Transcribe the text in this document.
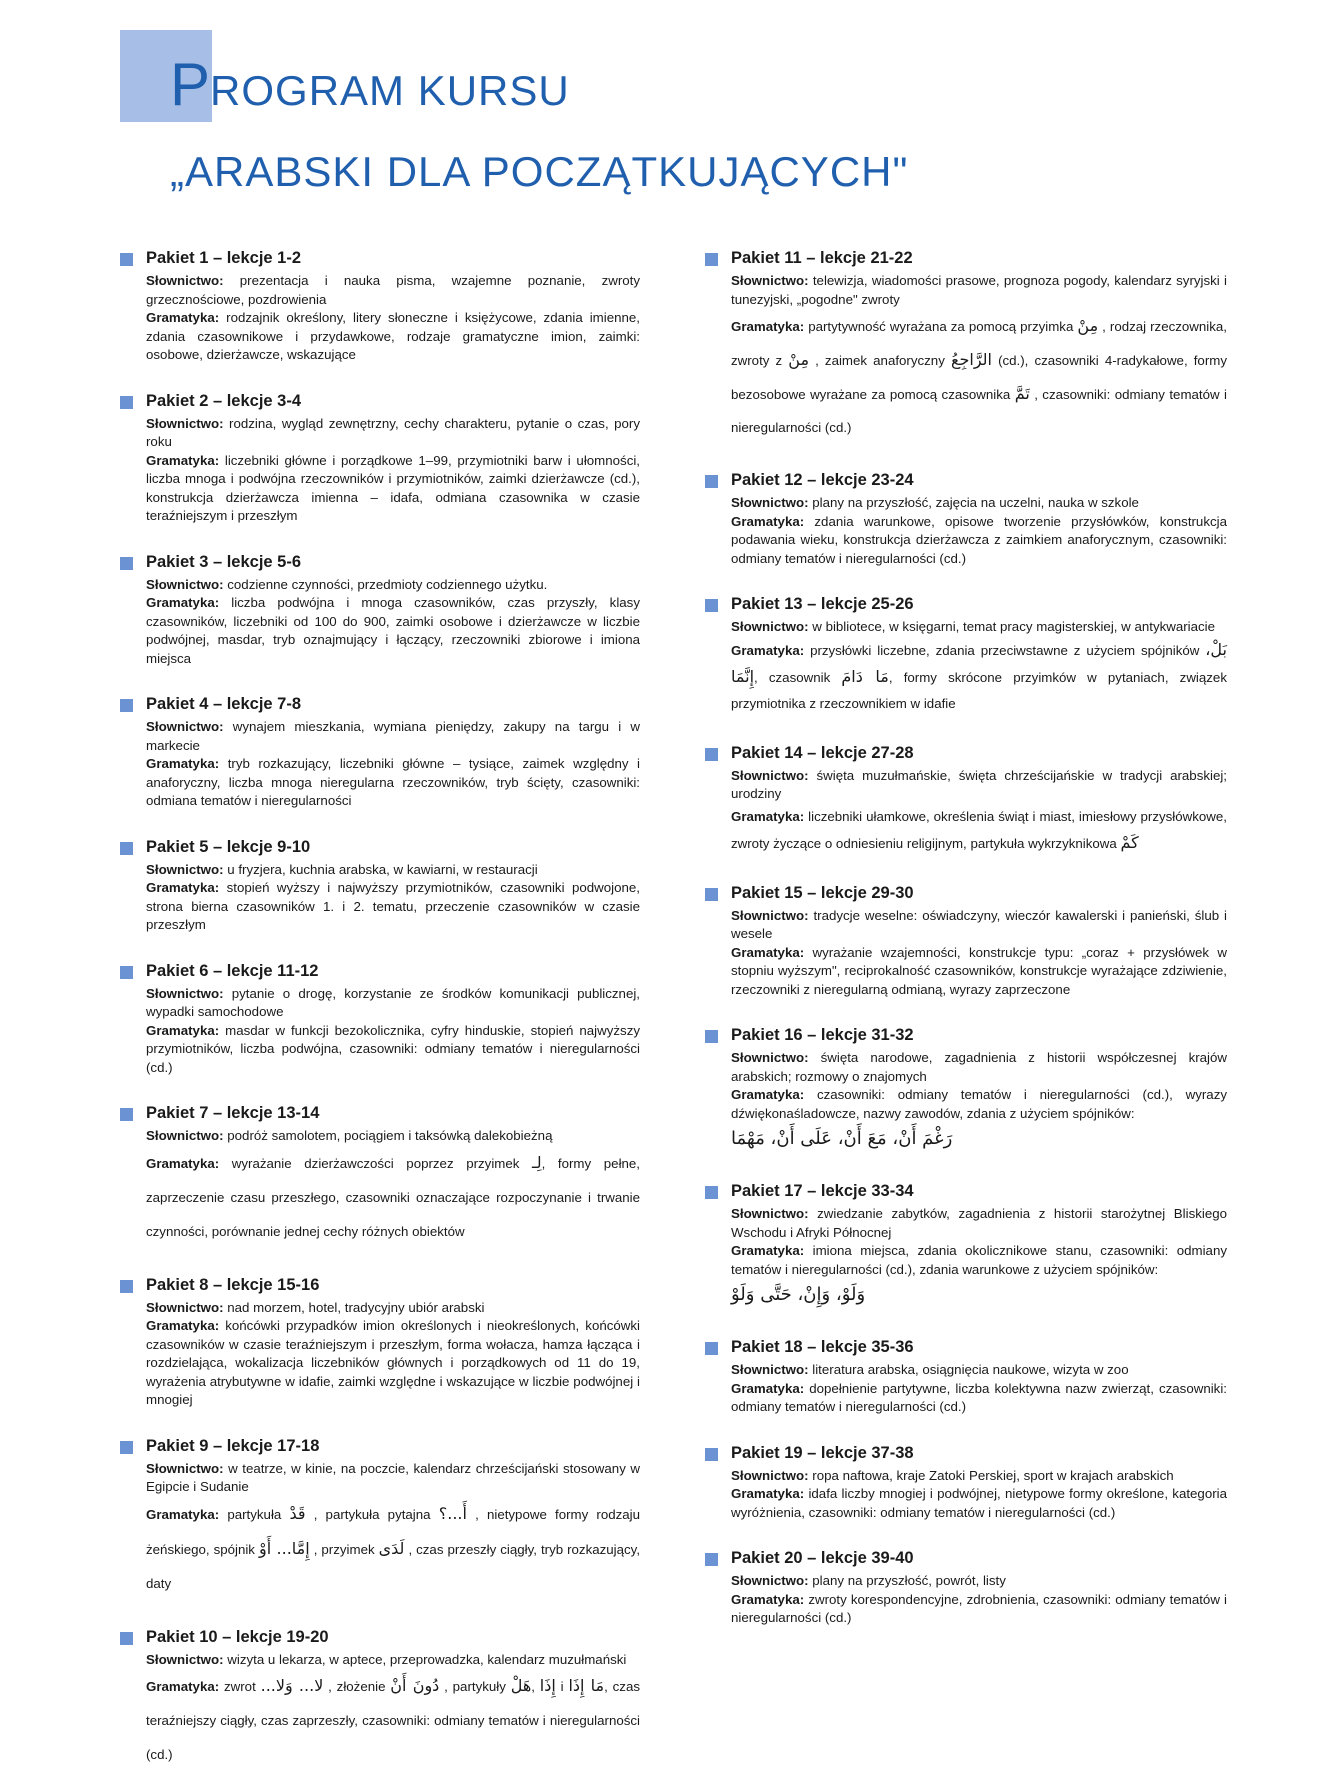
PROGRAM KURSU
„ARABSKI DLA POCZĄTKUJĄCYCH"
Pakiet 1 – lekcje 1-2

Słownictwo: prezentacja i nauka pisma, wzajemne poznanie, zwroty grzecznościowe, pozdrowienia

Gramatyka: rodzajnik określony, litery słoneczne i księżycowe, zdania imienne, zdania czasownikowe i przydawkowe, rodzaje gramatyczne imion, zaimki: osobowe, dzierżawcze, wskazujące

Pakiet 2 – lekcje 3-4

Słownictwo: rodzina, wygląd zewnętrzny, cechy charakteru, pytanie o czas, pory roku

Gramatyka: liczebniki główne i porządkowe 1–99, przymiotniki barw i ułomności, liczba mnoga i podwójna rzeczowników i przymiotników, zaimki dzierżawcze (cd.), konstrukcja dzierżawcza imienna – idafa, odmiana czasownika w czasie teraźniejszym i przeszłym

Pakiet 3 – lekcje 5-6

Słownictwo: codzienne czynności, przedmioty codziennego użytku.

Gramatyka: liczba podwójna i mnoga czasowników, czas przyszły, klasy czasowników, liczebniki od 100 do 900, zaimki osobowe i dzierżawcze w liczbie podwójnej, masdar, tryb oznajmujący i łączący, rzeczowniki zbiorowe i imiona miejsca

Pakiet 4 – lekcje 7-8

Słownictwo: wynajem mieszkania, wymiana pieniędzy, zakupy na targu i w markecie

Gramatyka: tryb rozkazujący, liczebniki główne – tysiące, zaimek względny i anaforyczny, liczba mnoga nieregularna rzeczowników, tryb ścięty, czasowniki: odmiana tematów i nieregularności

Pakiet 5 – lekcje 9-10

Słownictwo: u fryzjera, kuchnia arabska, w kawiarni, w restauracji

Gramatyka: stopień wyższy i najwyższy przymiotników, czasowniki podwojone, strona bierna czasowników 1. i 2. tematu, przeczenie czasowników w czasie przeszłym

Pakiet 6 – lekcje 11-12

Słownictwo: pytanie o drogę, korzystanie ze środków komunikacji publicznej, wypadki samochodowe

Gramatyka: masdar w funkcji bezokolicznika, cyfry hinduskie, stopień najwyższy przymiotników, liczba podwójna, czasowniki: odmiany tematów i nieregularności (cd.)

Pakiet 7 – lekcje 13-14

Słownictwo: podróż samolotem, pociągiem i taksówką dalekobieżną

Gramatyka: wyrażanie dzierżawczości poprzez przyimek لِـ, formy pełne, zaprzeczenie czasu przeszłego, czasowniki oznaczające rozpoczynanie i trwanie czynności, porównanie jednej cechy różnych obiektów

Pakiet 8 – lekcje 15-16

Słownictwo: nad morzem, hotel, tradycyjny ubiór arabski

Gramatyka: końcówki przypadków imion określonych i nieokreślonych, końcówki czasowników w czasie teraźniejszym i przeszłym, forma wołacza, hamza łącząca i rozdzielająca, wokalizacja liczebników głównych i porządkowych od 11 do 19, wyrażenia atrybutywne w idafie, zaimki względne i wskazujące w liczbie podwójnej i mnogiej

Pakiet 9 – lekcje 17-18

Słownictwo: w teatrze, w kinie, na poczcie, kalendarz chrześcijański stosowany w Egipcie i Sudanie

Gramatyka: partykuła قَدْ , partykuła pytajna أَ...؟ , nietypowe formy rodzaju żeńskiego, spójnik إِمَّا... أَوْ , przyimek لَدَى , czas przeszły ciągły, tryb rozkazujący, daty

Pakiet 10 – lekcje 19-20

Słownictwo: wizyta u lekarza, w aptece, przeprowadzka, kalendarz muzułmański

Gramatyka: zwrot لا... وَلا... , złożenie دُونَ أَنْ , partykuły هَلْ, إِذَا i مَا إِذَا, czas teraźniejszy ciągły, czas zaprzeszły, czasowniki: odmiany tematów i nieregularności (cd.)

Pakiet 11 – lekcje 21-22

Słownictwo: telewizja, wiadomości prasowe, prognoza pogody, kalendarz syryjski i tunezyjski, „pogodne" zwroty

Gramatyka: partytywność wyrażana za pomocą przyimka مِنْ , rodzaj rzeczownika, zwroty z مِنْ , zaimek anaforyczny الرَّاجِعُ (cd.), czasowniki 4-radykałowe, formy bezosobowe wyrażane za pomocą czasownika تَمَّ , czasowniki: odmiany tematów i nieregularności (cd.)

Pakiet 12 – lekcje 23-24

Słownictwo: plany na przyszłość, zajęcia na uczelni, nauka w szkole

Gramatyka: zdania warunkowe, opisowe tworzenie przysłówków, konstrukcja podawania wieku, konstrukcja dzierżawcza z zaimkiem anaforycznym, czasowniki: odmiany tematów i nieregularności (cd.)

Pakiet 13 – lekcje 25-26

Słownictwo: w bibliotece, w księgarni, temat pracy magisterskiej, w antykwariacie

Gramatyka: przysłówki liczebne, zdania przeciwstawne z użyciem spójników بَلْ، إِنَّمَا, czasownik مَا دَامَ, formy skrócone przyimków w pytaniach, związek przymiotnika z rzeczownikiem w idafie

Pakiet 14 – lekcje 27-28

Słownictwo: święta muzułmańskie, święta chrześcijańskie w tradycji arabskiej; urodziny

Gramatyka: liczebniki ułamkowe, określenia świąt i miast, imiesłowy przysłówkowe, zwroty życzące o odniesieniu religijnym, partykuła wykrzyknikowa كَمْ

Pakiet 15 – lekcje 29-30

Słownictwo: tradycje weselne: oświadczyny, wieczór kawalerski i panieński, ślub i wesele

Gramatyka: wyrażanie wzajemności, konstrukcje typu: „coraz + przysłówek w stopniu wyższym", reciprokalność czasowników, konstrukcje wyrażające zdziwienie, rzeczowniki z nieregularną odmianą, wyrazy zaprzeczone

Pakiet 16 – lekcje 31-32

Słownictwo: święta narodowe, zagadnienia z historii współczesnej krajów arabskich; rozmowy o znajomych

Gramatyka: czasowniki: odmiany tematów i nieregularności (cd.), wyrazy dźwiękonaśladowcze, nazwy zawodów, zdania z użyciem spójników:

رَغْمَ أَنْ، مَعَ أَنْ، عَلَى أَنْ، مَهْمَا
Pakiet 17 – lekcje 33-34

Słownictwo: zwiedzanie zabytków, zagadnienia z historii starożytnej Bliskiego Wschodu i Afryki Północnej

Gramatyka: imiona miejsca, zdania okolicznikowe stanu, czasowniki: odmiany tematów i nieregularności (cd.), zdania warunkowe z użyciem spójników:

وَلَوْ، وَإِنْ، حَتَّى وَلَوْ
Pakiet 18 – lekcje 35-36

Słownictwo: literatura arabska, osiągnięcia naukowe, wizyta w zoo

Gramatyka: dopełnienie partytywne, liczba kolektywna nazw zwierząt, czasowniki: odmiany tematów i nieregularności (cd.)

Pakiet 19 – lekcje 37-38

Słownictwo: ropa naftowa, kraje Zatoki Perskiej, sport w krajach arabskich

Gramatyka: idafa liczby mnogiej i podwójnej, nietypowe formy określone, kategoria wyróżnienia, czasowniki: odmiany tematów i nieregularności (cd.)

Pakiet 20 – lekcje 39-40

Słownictwo: plany na przyszłość, powrót, listy

Gramatyka: zwroty korespondencyjne, zdrobnienia, czasowniki: odmiany tematów i nieregularności (cd.)
